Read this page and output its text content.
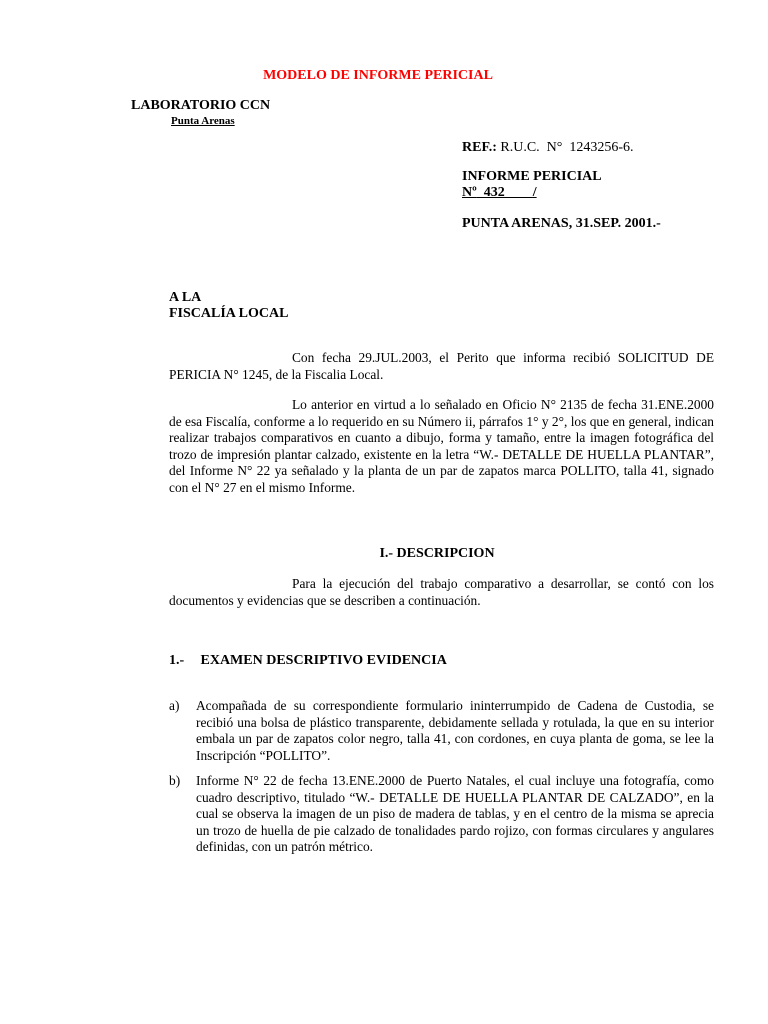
MODELO DE INFORME PERICIAL
LABORATORIO CCN
Punta Arenas

REF.: R.U.C.  N°  1243256-6.

INFORME PERICIAL
Nº  432____/
PUNTA ARENAS, 31.SEP. 2001.-
A LA
FISCALÍA LOCAL

Con fecha 29.JUL.2003, el Perito que informa recibió SOLICITUD DE PERICIA N° 1245, de la Fiscalia Local.

Lo anterior en virtud a lo señalado en Oficio N° 2135 de fecha 31.ENE.2000 de esa Fiscalía, conforme a lo requerido en su Número ii, párrafos 1° y 2°, los que en general, indican realizar trabajos comparativos en cuanto a dibujo, forma y tamaño, entre la imagen fotográfica del trozo de impresión plantar calzado, existente en la letra “W.- DETALLE DE HUELLA PLANTAR”, del Informe N° 22 ya señalado y la planta de un par de zapatos marca POLLITO, talla 41, signado con el N° 27 en el mismo Informe.

I.- DESCRIPCION

Para la ejecución del trabajo comparativo a desarrollar, se contó con los documentos y evidencias que se describen a continuación.

1.- EXAMEN DESCRIPTIVO EVIDENCIA
a) Acompañada de su correspondiente formulario ininterrumpido de Cadena de Custodia, se recibió una bolsa de plástico transparente, debidamente sellada y rotulada, la que en su interior embala un par de zapatos color negro, talla 41, con cordones, en cuya planta de goma, se lee la Inscripción “POLLITO”.
b) Informe N° 22 de fecha 13.ENE.2000 de Puerto Natales, el cual incluye una fotografía, como cuadro descriptivo, titulado “W.- DETALLE DE HUELLA PLANTAR DE CALZADO”, en la cual se observa la imagen de un piso de madera de tablas, y en el centro de la misma se aprecia un trozo de huella de pie calzado de tonalidades pardo rojizo, con formas circulares y angulares definidas, con un patrón métrico.
